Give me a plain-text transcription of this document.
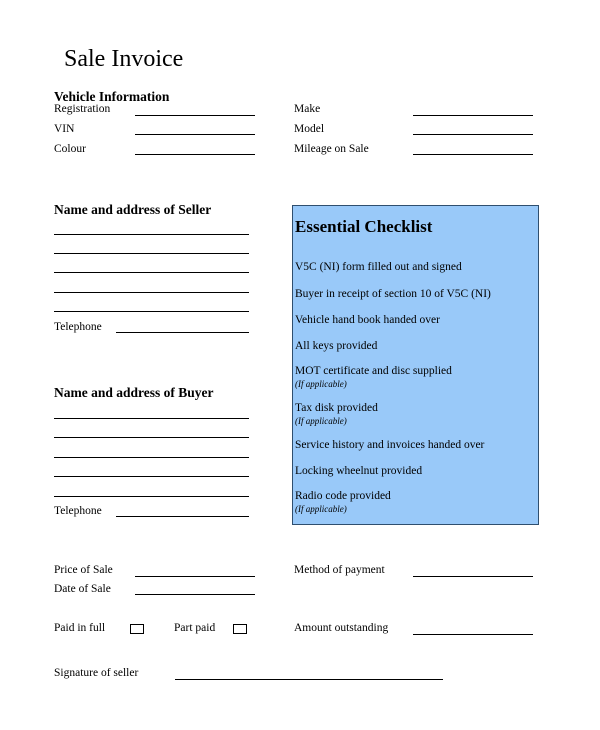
Sale Invoice
Vehicle Information
Registration
VIN
Colour
Make
Model
Mileage on Sale
Name and address of Seller
Telephone
Name and address of Buyer
Telephone
Essential Checklist
V5C (NI) form filled out and signed
Buyer in receipt of section 10 of V5C (NI)
Vehicle hand book handed over
All keys provided
MOT certificate and disc supplied
(If applicable)
Tax disk provided
(If applicable)
Service history and invoices handed over
Locking wheelnut provided
Radio code provided
(If applicable)
Price of Sale
Date of Sale
Method of payment
Paid in full	Part paid	Amount outstanding
Signature of seller
